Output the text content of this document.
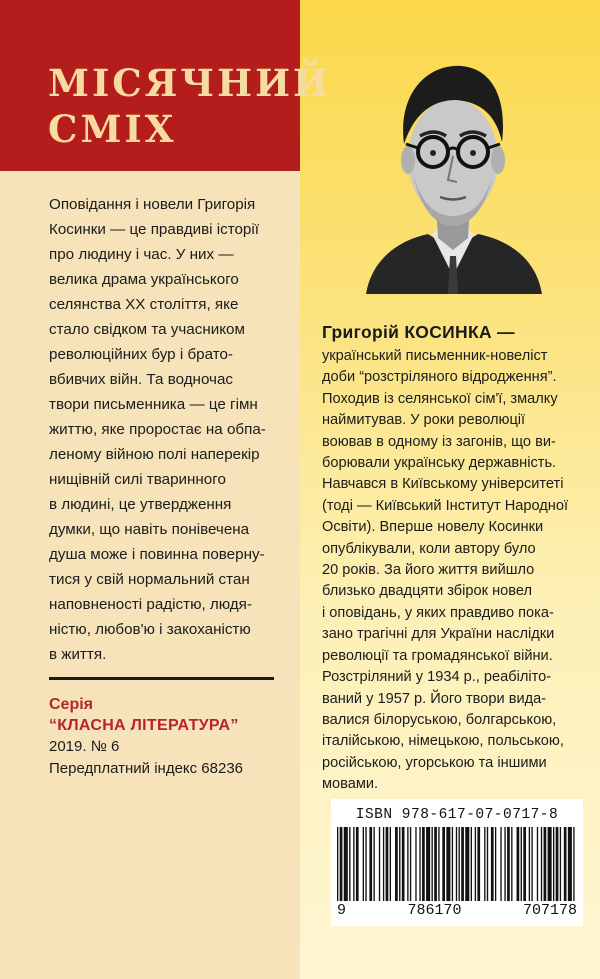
МІСЯЧНИЙ
СМІХ

Оповідання і новели Григорія
Косинки — це правдиві історії
про людину і час. У них —
велика драма українського
селянства XX століття, яке
стало свідком та учасником
революційних бур і брато-
вбивчих війн. Та водночас
твори письменника — це гімн
життю, яке проростає на обпа-
леному війною полі наперекір
нищівній силі тваринного
в людині, це утвердження
думки, що навіть понівечена
душа може і повинна поверну-
тися у свій нормальний стан
наповненості радістю, людя-
ністю, любов'ю і закоханістю
в життя.

Серія
“КЛАСНА ЛІТЕРАТУРА”
2019. № 6
Передплатний індекс 68236
Григорій КОСИНКА —

український письменник-новеліст
доби “розстріляного відродження”.
Походив із селянської сім'ї, змалку
наймитував. У роки революції
воював в одному із загонів, що ви-
борювали українську державність.
Навчався в Київському університеті
(тоді — Київський Інститут Народної
Освіти). Вперше новелу Косинки
опублікували, коли автору було
20 років. За його життя вийшло
близько двадцяти збірок новел
і оповідань, у яких правдиво пока-
зано трагічні для України наслідки
революції та громадянської війни.
Розстріляний у 1934 р., реабіліто-
ваний у 1957 р. Його твори вида-
валися білоруською, болгарською,
італійською, німецькою, польською,
російською, угорською та іншими
мовами.

ISBN 978-617-07-0717-8
9	786170	707178
